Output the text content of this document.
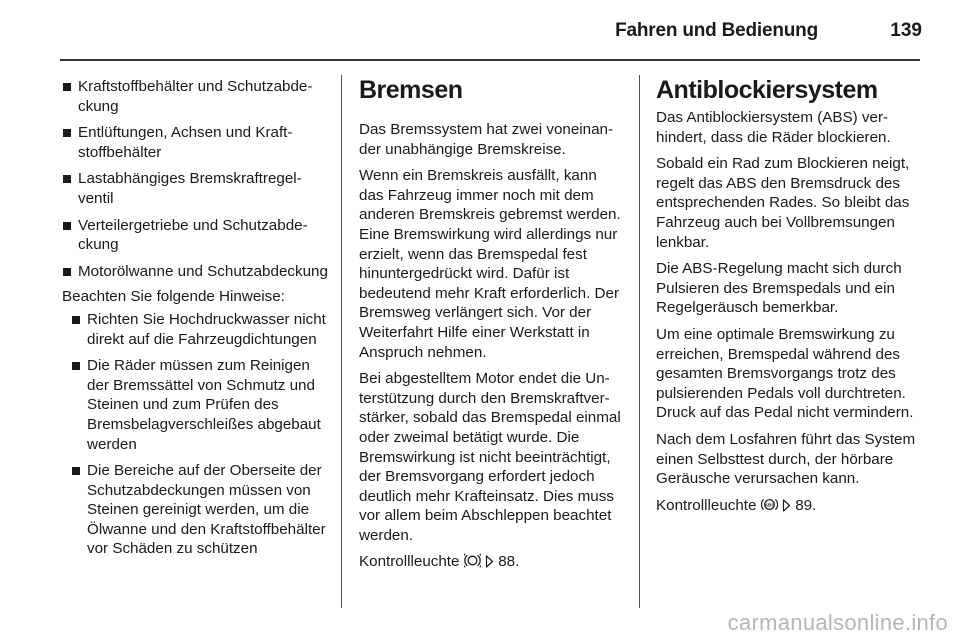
Fahren und Bedienung	139
Kraftstoffbehälter und Schutzabdeckung
Entlüftungen, Achsen und Kraftstoffbehälter
Lastabhängiges Bremskraftregelventil
Verteilergetriebe und Schutzabdeckung
Motorölwanne und Schutzabdeckung

Beachten Sie folgende Hinweise:

Richten Sie Hochdruckwasser nicht direkt auf die Fahrzeugdichtungen
Die Räder müssen zum Reinigen der Bremssättel von Schmutz und Steinen und zum Prüfen des Bremsbelagverschleißes abgebaut werden
Die Bereiche auf der Oberseite der Schutzabdeckungen müssen von Steinen gereinigt werden, um die Ölwanne und den Kraftstoffbehälter vor Schäden zu schützen
Bremsen

Das Bremssystem hat zwei voneinander unabhängige Bremskreise.

Wenn ein Bremskreis ausfällt, kann das Fahrzeug immer noch mit dem anderen Bremskreis gebremst werden. Eine Bremswirkung wird allerdings nur erzielt, wenn das Bremspedal fest hinuntergedrückt wird. Dafür ist bedeutend mehr Kraft erforderlich. Der Bremsweg verlängert sich. Vor der Weiterfahrt Hilfe einer Werkstatt in Anspruch nehmen.

Bei abgestelltem Motor endet die Unterstützung durch den Bremskraftverstärker, sobald das Bremspedal einmal oder zweimal betätigt wurde. Die Bremswirkung ist nicht beeinträchtigt, der Bremsvorgang erfordert jedoch deutlich mehr Krafteinsatz. Dies muss vor allem beim Abschleppen beachtet werden.

Kontrollleuchte	88.

Antiblockiersystem

Das Antiblockiersystem (ABS) verhindert, dass die Räder blockieren.

Sobald ein Rad zum Blockieren neigt, regelt das ABS den Bremsdruck des entsprechenden Rades. So bleibt das Fahrzeug auch bei Vollbremsungen lenkbar.

Die ABS-Regelung macht sich durch Pulsieren des Bremspedals und ein Regelgeräusch bemerkbar.

Um eine optimale Bremswirkung zu erreichen, Bremspedal während des gesamten Bremsvorgangs trotz des pulsierenden Pedals voll durchtreten. Druck auf das Pedal nicht vermindern.

Nach dem Losfahren führt das System einen Selbsttest durch, der hörbare Geräusche verursachen kann.

Kontrollleuchte ABS 89.

carmanualsonline.info
